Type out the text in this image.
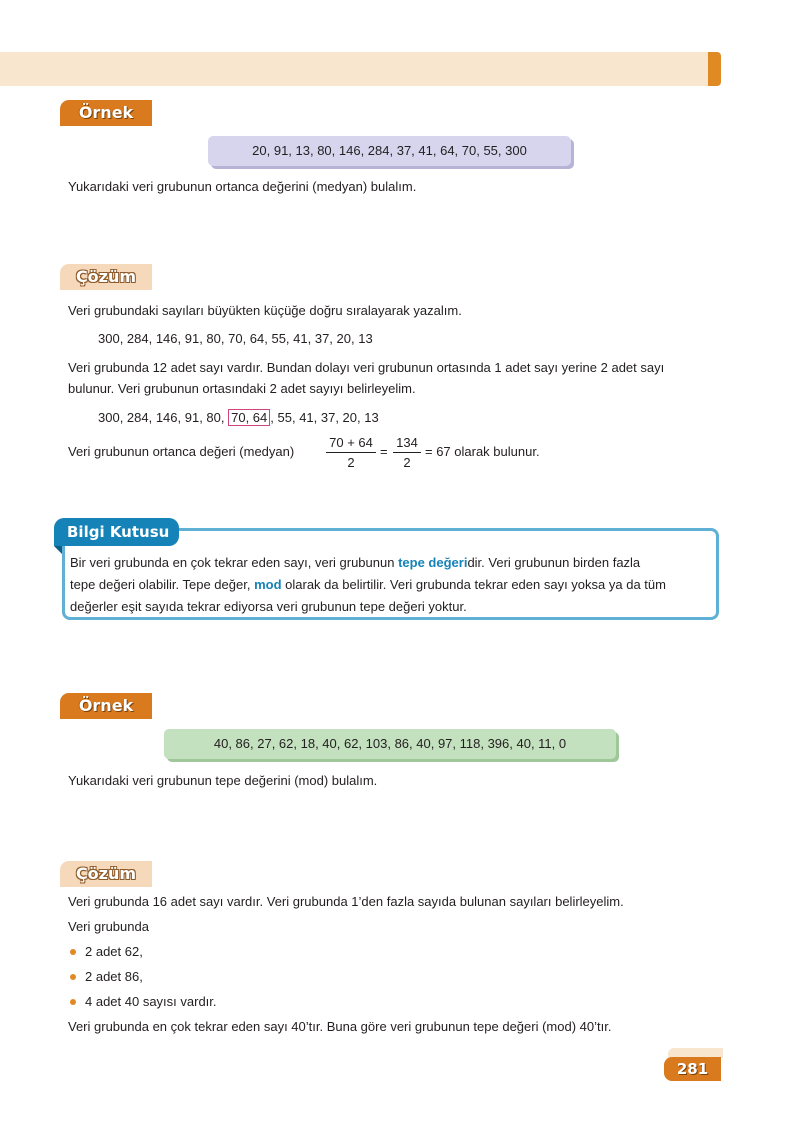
Örnek
20, 91, 13, 80, 146, 284, 37, 41, 64, 70, 55, 300
Yukarıdaki veri grubunun ortanca değerini (medyan) bulalım.
Çözüm
Veri grubundaki sayıları büyükten küçüğe doğru sıralayarak yazalım.
300, 284, 146, 91, 80, 70, 64, 55, 41, 37, 20, 13
Veri grubunda 12 adet sayı vardır. Bundan dolayı veri grubunun ortasında 1 adet sayı yerine 2 adet sayı
bulunur. Veri grubunun ortasındaki 2 adet sayıyı belirleyelim.
300, 284, 146, 91, 80, 70, 64 , 55, 41, 37, 20, 13
Veri grubunun ortanca değeri (medyan)
70 + 64
2
=
134
2
= 67 olarak bulunur.
Bilgi Kutusu
Bir veri grubunda en çok tekrar eden sayı, veri grubunun tepe değeridir. Veri grubunun birden fazla
tepe değeri olabilir. Tepe değer, mod olarak da belirtilir. Veri grubunda tekrar eden sayı yoksa ya da tüm
değerler eşit sayıda tekrar ediyorsa veri grubunun tepe değeri yoktur.
Örnek
40, 86, 27, 62, 18, 40, 62, 103, 86, 40, 97, 118, 396, 40, 11, 0
Yukarıdaki veri grubunun tepe değerini (mod) bulalım.
Çözüm
Veri grubunda 16 adet sayı vardır. Veri grubunda 1’den fazla sayıda bulunan sayıları belirleyelim.
Veri grubunda
2 adet 62,
2 adet 86,
4 adet 40 sayısı vardır.
Veri grubunda en çok tekrar eden sayı 40’tır. Buna göre veri grubunun tepe değeri (mod) 40’tır.
281
